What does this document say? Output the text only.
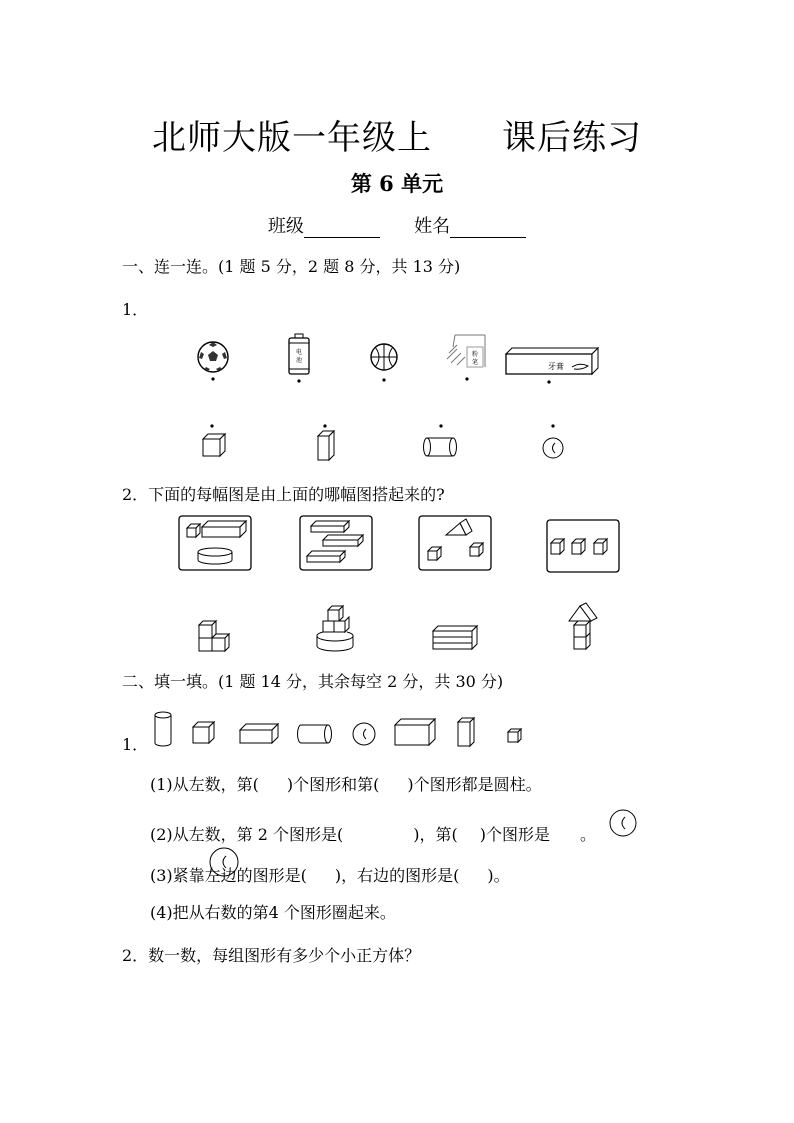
北师大版一年级上 课后练习
第 6 单元
班级	姓名
一、连一连。(1 题 5 分，2 题 8 分，共 13 分)
1．
电
池
粉
笔	牙膏
2．下面的每幅图是由上面的哪幅图搭起来的?
二、填一填。(1 题 14 分，其余每空 2 分，共 30 分)
1．
(1)从左数，第( )个图形和第( )个图形都是圆柱。
(2)从左数，第 2 个图形是(	)，第( )个图形是 。
(3)紧靠左边的图形是( )，右边的图形是( )。
(4)把从右数的第4 个图形圈起来。
2．数一数，每组图形有多少个小正方体？
